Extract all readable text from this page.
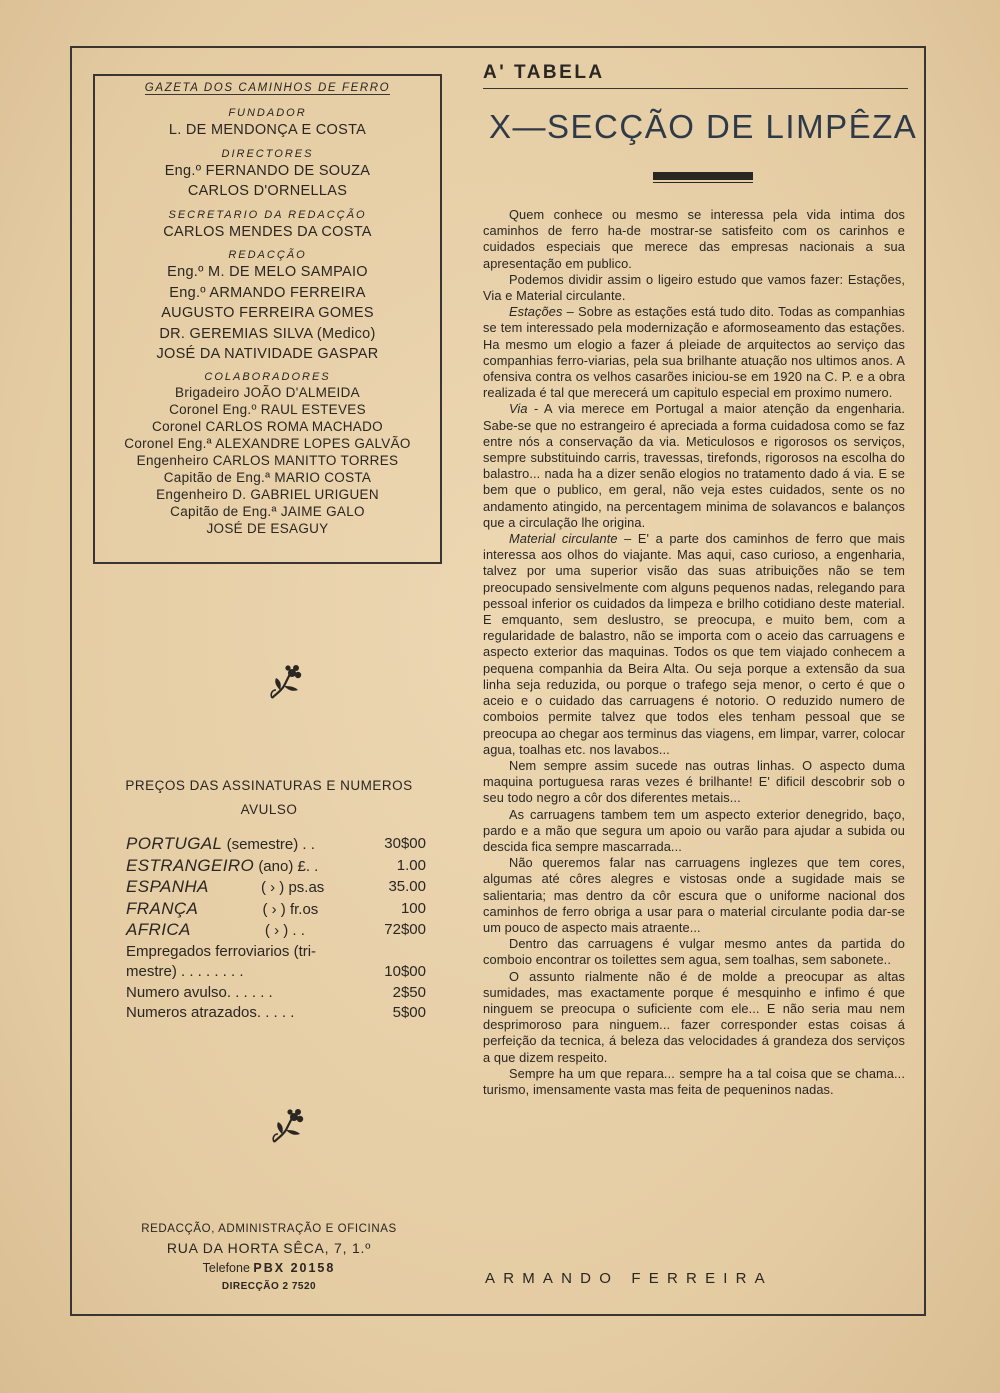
GAZETA DOS CAMINHOS DE FERRO
FUNDADOR
L. DE MENDONÇA E COSTA
DIRECTORES
Eng.º FERNANDO DE SOUZA
CARLOS D'ORNELLAS
SECRETARIO DA REDACÇÃO
CARLOS MENDES DA COSTA
REDACÇÃO
Eng.º M. DE MELO SAMPAIO
Eng.º ARMANDO FERREIRA
AUGUSTO FERREIRA GOMES
DR. GEREMIAS SILVA (Medico)
JOSÉ DA NATIVIDADE GASPAR
COLABORADORES
Brigadeiro JOÃO D'ALMEIDA
Coronel Eng.º RAUL ESTEVES
Coronel CARLOS ROMA MACHADO
Coronel Eng.ª ALEXANDRE LOPES GALVÃO
Engenheiro CARLOS MANITTO TORRES
Capitão de Eng.ª MARIO COSTA
Engenheiro D. GABRIEL URIGUEN
Capitão de Eng.ª JAIME GALO
JOSÉ DE ESAGUY
PREÇOS DAS ASSINATURAS E NUMEROS
AVULSO
PORTUGAL (semestre) . .	30$00
ESTRANGEIRO (ano) £. .	1.00
ESPANHA	( › ) ps.as	35.00
FRANÇA	( › ) fr.os	100
AFRICA	( › ) . .	72$00
Empregados ferroviarios (tri-
mestre) . . . . . . . .	10$00
Numero avulso. . . . . .	2$50
Numeros atrazados. . . . .	5$00
REDACÇÃO, ADMINISTRAÇÃO E OFICINAS
RUA DA HORTA SÊCA, 7, 1.º
Telefone PBX 20158
DIRECÇÃO 2 7520
A' TABELA
X—SECÇÃO DE LIMPÊZA

Quem conhece ou mesmo se interessa pela vida intima dos caminhos de ferro ha-de mostrar-se satisfeito com os carinhos e cuidados especiais que merece das empresas nacionais a sua apresentação em publico.

Podemos dividir assim o ligeiro estudo que vamos fazer: Estações, Via e Material circulante.

Estações – Sobre as estações está tudo dito. Todas as companhias se tem interessado pela modernização e aformoseamento das estações. Ha mesmo um elogio a fazer á pleiade de arquitectos ao serviço das companhias ferro-viarias, pela sua brilhante atuação nos ultimos anos. A ofensiva contra os velhos casarões iniciou-se em 1920 na C. P. e a obra realizada é tal que merecerá um capitulo especial em proximo numero.

Via - A via merece em Portugal a maior atenção da engenharia. Sabe-se que no estrangeiro é apreciada a forma cuidadosa como se faz entre nós a conservação da via. Meticulosos e rigorosos os serviços, sempre substituindo carris, travessas, tirefonds, rigorosos na escolha do balastro... nada ha a dizer senão elogios no tratamento dado á via. E se bem que o publico, em geral, não veja estes cuidados, sente os no andamento atingido, na percentagem minima de solavancos e balanços que a circulação lhe origina.

Material circulante – E' a parte dos caminhos de ferro que mais interessa aos olhos do viajante. Mas aqui, caso curioso, a engenharia, talvez por uma superior visão das suas atribuições não se tem preocupado sensivelmente com alguns pequenos nadas, relegando para pessoal inferior os cuidados da limpeza e brilho cotidiano deste material. E emquanto, sem deslustro, se preocupa, e muito bem, com a regularidade de balastro, não se importa com o aceio das carruagens e aspecto exterior das maquinas. Todos os que tem viajado conhecem a pequena companhia da Beira Alta. Ou seja porque a extensão da sua linha seja reduzida, ou porque o trafego seja menor, o certo é que o aceio e o cuidado das carruagens é notorio. O reduzido numero de comboios permite talvez que todos eles tenham pessoal que se preocupa ao chegar aos terminus das viagens, em limpar, varrer, colocar agua, toalhas etc. nos lavabos...

Nem sempre assim sucede nas outras linhas. O aspecto duma maquina portuguesa raras vezes é brilhante! E' dificil descobrir sob o seu todo negro a côr dos diferentes metais...

As carruagens tambem tem um aspecto exterior denegrido, baço, pardo e a mão que segura um apoio ou varão para ajudar a subida ou descida fica sempre mascarrada...

Não queremos falar nas carruagens inglezes que tem cores, algumas até côres alegres e vistosas onde a sugidade mais se salientaria; mas dentro da côr escura que o uniforme nacional dos caminhos de ferro obriga a usar para o material circulante podia dar-se um pouco de aspecto mais atraente...

Dentro das carruagens é vulgar mesmo antes da partida do comboio encontrar os toilettes sem agua, sem toalhas, sem sabonete..

O assunto rialmente não é de molde a preocupar as altas sumidades, mas exactamente porque é mesquinho e infimo é que ninguem se preocupa o suficiente com ele... E não seria mau nem desprimoroso para ninguem... fazer corresponder estas coisas á perfeição da tecnica, á beleza das velocidades á grandeza dos serviços a que dizem respeito.

Sempre ha um que repara... sempre ha a tal coisa que se chama... turismo, imensamente vasta mas feita de pequeninos nadas.

ARMANDO FERREIRA
